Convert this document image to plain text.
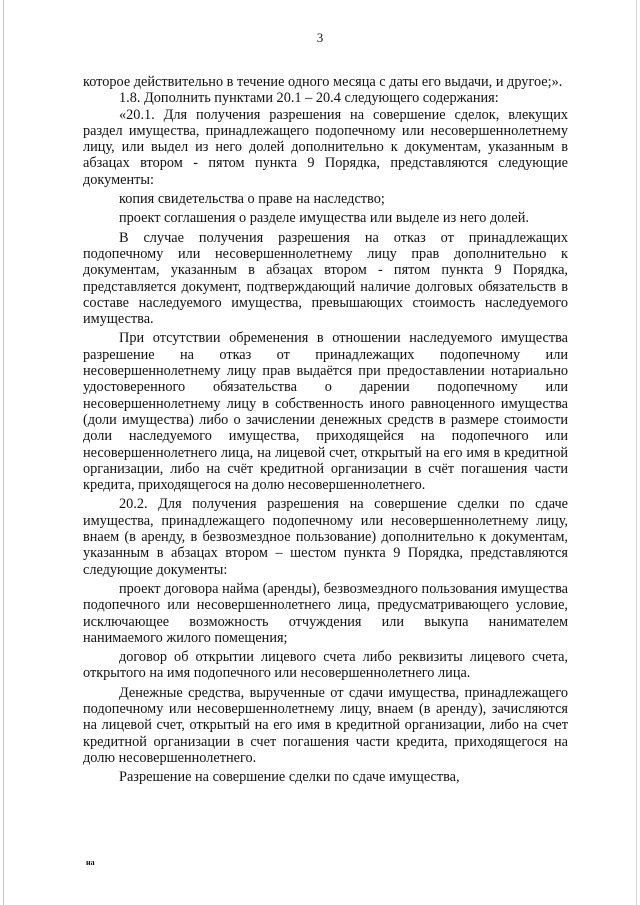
3

которое действительно в течение одного месяца с даты его выдачи, и другое;».

1.8. Дополнить пунктами 20.1 – 20.4 следующего содержания:

«20.1. Для получения разрешения на совершение сделок, влекущих раздел имущества, принадлежащего подопечному или несовершеннолетнему лицу, или выдел из него долей дополнительно к документам, указанным в абзацах втором - пятом пункта 9 Порядка, представляются следующие документы:

копия свидетельства о праве на наследство;

проект соглашения о разделе имущества или выделе из него долей.

В случае получения разрешения на отказ от принадлежащих подопечному или несовершеннолетнему лицу прав дополнительно к документам, указанным в абзацах втором - пятом пункта 9 Порядка, представляется документ, подтверждающий наличие долговых обязательств в составе наследуемого имущества, превышающих стоимость наследуемого имущества.

При отсутствии обременения в отношении наследуемого имущества разрешение на отказ от принадлежащих подопечному или несовершеннолетнему лицу прав выдаётся при предоставлении нотариально удостоверенного обязательства о дарении подопечному или несовершеннолетнему лицу в собственность иного равноценного имущества (доли имущества) либо о зачислении денежных средств в размере стоимости доли наследуемого имущества, приходящейся на подопечного или несовершеннолетнего лица, на лицевой счет, открытый на его имя в кредитной организации, либо на счёт кредитной организации в счёт погашения части кредита, приходящегося на долю несовершеннолетнего.

20.2. Для получения разрешения на совершение сделки по сдаче имущества, принадлежащего подопечному или несовершеннолетнему лицу, внаем (в аренду, в безвозмездное пользование) дополнительно к документам, указанным в абзацах втором – шестом пункта 9 Порядка, представляются следующие документы:

проект договора найма (аренды), безвозмездного пользования имущества подопечного или несовершеннолетнего лица, предусматривающего условие, исключающее возможность отчуждения или выкупа нанимателем нанимаемого жилого помещения;

договор об открытии лицевого счета либо реквизиты лицевого счета, открытого на имя подопечного или несовершеннолетнего лица.

Денежные средства, вырученные от сдачи имущества, принадлежащего подопечному или несовершеннолетнему лицу, внаем (в аренду), зачисляются на лицевой счет, открытый на его имя в кредитной организации, либо на счет кредитной организации в счет погашения части кредита, приходящегося на долю несовершеннолетнего.

Разрешение на совершение сделки по сдаче имущества,

на
